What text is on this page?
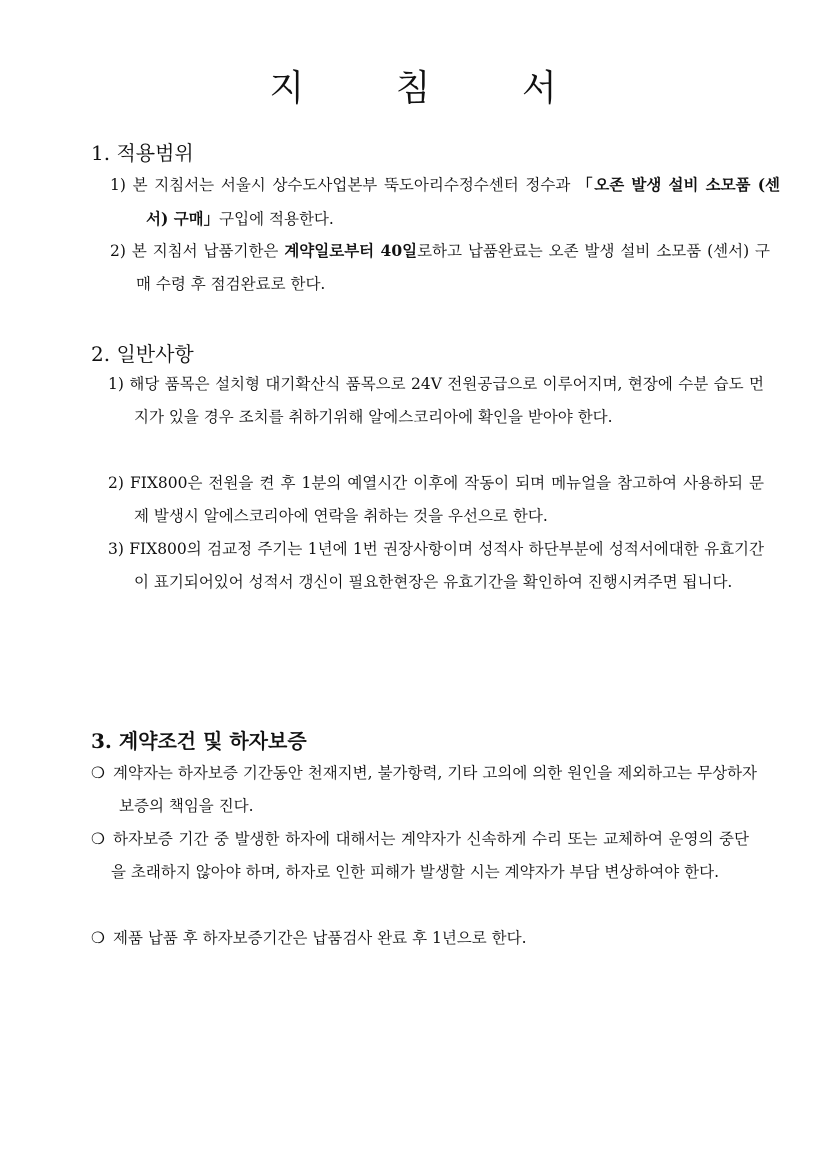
지 침 서
1. 적용범위

1) 본 지침서는 서울시 상수도사업본부 뚝도아리수정수센터 정수과 「오존 발생 설비 소모품 (센서) 구매」구입에 적용한다.

2) 본 지침서 납품기한은 계약일로부터 40일로하고 납품완료는 오존 발생 설비 소모품 (센서) 구매 수령 후 점검완료로 한다.

2. 일반사항

1) 해당 품목은 설치형 대기확산식 품목으로 24V 전원공급으로 이루어지며, 현장에 수분 습도 먼지가 있을 경우 조치를 취하기위해 알에스코리아에 확인을 받아야 한다.

2) FIX800은 전원을 켠 후 1분의 예열시간 이후에 작동이 되며 메뉴얼을 참고하여 사용하되 문제 발생시 알에스코리아에 연락을 취하는 것을 우선으로 한다.

3) FIX800의 검교정 주기는 1년에 1번 권장사항이며 성적사 하단부분에 성적서에대한 유효기간이 표기되어있어 성적서 갱신이 필요한현장은 유효기간을 확인하여 진행시켜주면 됩니다.

3. 계약조건 및 하자보증

❍ 계약자는 하자보증 기간동안 천재지변, 불가항력, 기타 고의에 의한 원인을 제외하고는 무상하자보증의 책임을 진다.

❍ 하자보증 기간 중 발생한 하자에 대해서는 계약자가 신속하게 수리 또는 교체하여 운영의 중단을 초래하지 않아야 하며, 하자로 인한 피해가 발생할 시는 계약자가 부담 변상하여야 한다.

❍ 제품 납품 후 하자보증기간은 납품검사 완료 후 1년으로 한다.
